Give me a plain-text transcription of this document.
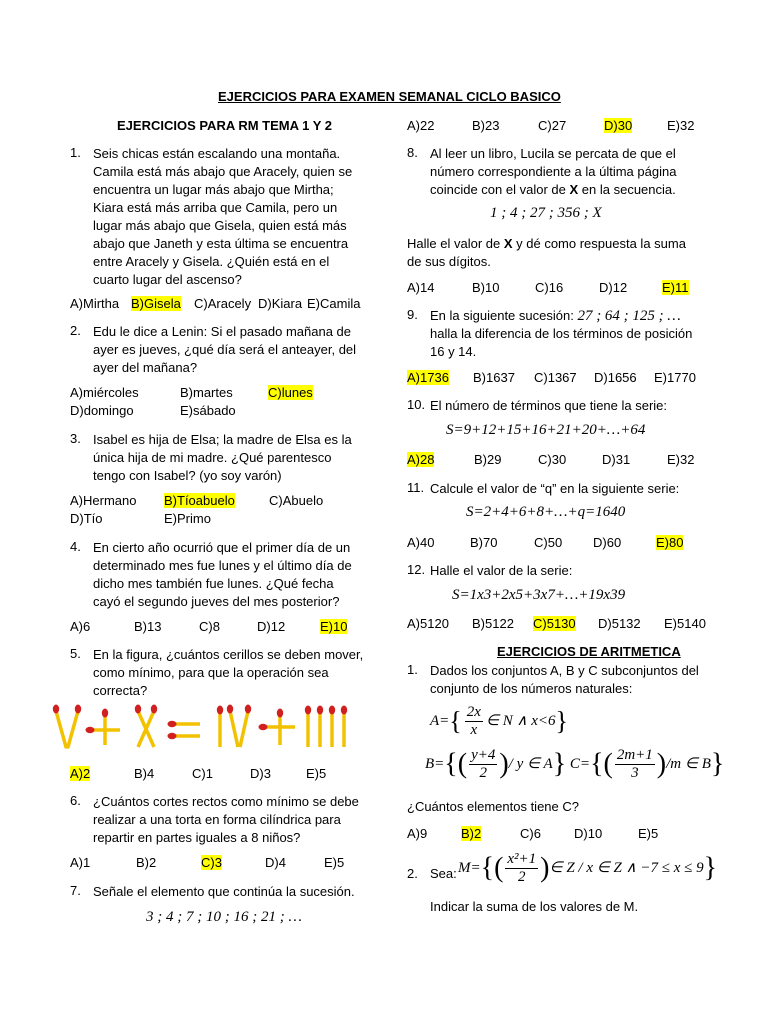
EJERCICIOS PARA EXAMEN SEMANAL CICLO BASICO
EJERCICIOS PARA RM TEMA 1 Y 2
1. Seis chicas están escalando una montaña.
Camila está más abajo que Aracely, quien se
encuentra un lugar más abajo que Mirtha;
Kiara está más arriba que Camila, pero un
lugar más abajo que Gisela, quien está más
abajo que Janeth y esta última se encuentra
entre Aracely y Gisela. ¿Quién está en el
cuarto lugar del ascenso?
A)Mirtha B)Gisela C)Aracely D)Kiara E)Camila
2. Edu le dice a Lenin: Si el pasado mañana de
ayer es jueves, ¿qué día será el anteayer, del
ayer del mañana?
A)miércoles	B)martes	C)lunes
D)domingo	E)sábado
3. Isabel es hija de Elsa; la madre de Elsa es la
única hija de mi madre. ¿Qué parentesco
tengo con Isabel? (yo soy varón)
A)Hermano B)Tíoabuelo	C)Abuelo
D)Tío	E)Primo
4. En cierto año ocurrió que el primer día de un
determinado mes fue lunes y el último día de
dicho mes también fue lunes. ¿Qué fecha
cayó el segundo jueves del mes posterior?
A)6	B)13	C)8	D)12	E)10
5. En la figura, ¿cuántos cerillos se deben mover,
como mínimo, para que la operación sea
correcta?
A)2	B)4	C)1	D)3	E)5
6. ¿Cuántos cortes rectos como mínimo se debe
realizar a una torta en forma cilíndrica para
repartir en partes iguales a 8 niños?
A)1	B)2	C)3	D)4	E)5
7. Señale el elemento que continúa la sucesión.
3 ; 4 ; 7 ; 10 ; 16 ; 21 ; …
A)22	B)23	C)27	D)30	E)32
8. Al leer un libro, Lucila se percata de que el
número correspondiente a la última página
coincide con el valor de X en la secuencia.
1 ; 4 ; 27 ; 356 ; X
Halle el valor de X y dé como respuesta la suma
de sus dígitos.
A)14	B)10	C)16	D)12	E)11
9. En la siguiente sucesión: 27 ; 64 ; 125 ; …
halla la diferencia de los términos de posición
16 y 14.
A)1736 B)1637 C)1367 D)1656 E)1770
10. El número de términos que tiene la serie:
S=9+12+15+16+21+20+…+64
A)28	B)29	C)30	D)31	E)32
11. Calcule el valor de “q” en la siguiente serie:
S=2+4+6+8+…+q=1640
A)40	B)70	C)50 D)60	E)80
12. Halle el valor de la serie:
S=1x3+2x5+3x7+…+19x39
A)5120 B)5122 C)5130 D)5132 E)5140
EJERCICIOS DE ARITMETICA
1. Dados los conjuntos A, B y C subconjuntos del
conjunto de los números naturales:
$A=\{ \frac{2x}{x}$ ∈ N ∧ x<6}
$B=\{( \frac{y+4}{2}$ )/ y ∈ A} $C=\{( \frac{2m+1}{3} )/m$ ∈ B}
¿Cuántos elementos tiene C?
A)9	B)2	C)6	D)10	E)5
2. Sea: $M=\{( \frac{\text{x²+1}}{2}$ )∈ Z / x ∈ Z ∧ −7 ≤ x ≤ 9}
Indicar la suma de los valores de M.
